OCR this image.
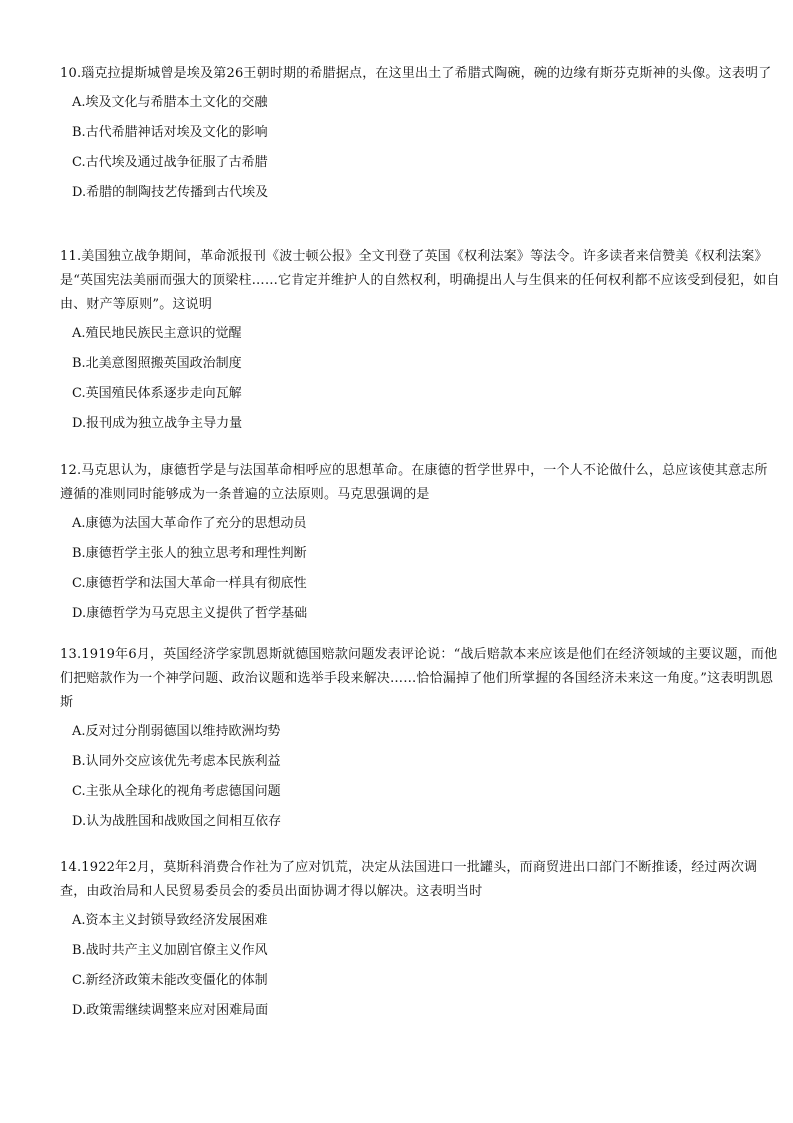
10.瑙克拉提斯城曾是埃及第26王朝时期的希腊据点，在这里出土了希腊式陶碗，碗的边缘有斯芬克斯神的头像。这表明了

A.埃及文化与希腊本土文化的交融
B.古代希腊神话对埃及文化的影响
C.古代埃及通过战争征服了古希腊
D.希腊的制陶技艺传播到古代埃及

11.美国独立战争期间，革命派报刊《波士顿公报》全文刊登了英国《权利法案》等法令。许多读者来信赞美《权利法案》是“英国宪法美丽而强大的顶梁柱……它肯定并维护人的自然权利，明确提出人与生俱来的任何权利都不应该受到侵犯，如自由、财产等原则”。这说明

A.殖民地民族民主意识的觉醒
B.北美意图照搬英国政治制度
C.英国殖民体系逐步走向瓦解
D.报刊成为独立战争主导力量

12.马克思认为，康德哲学是与法国革命相呼应的思想革命。在康德的哲学世界中，一个人不论做什么，总应该使其意志所遵循的准则同时能够成为一条普遍的立法原则。马克思强调的是

A.康德为法国大革命作了充分的思想动员
B.康德哲学主张人的独立思考和理性判断
C.康德哲学和法国大革命一样具有彻底性
D.康德哲学为马克思主义提供了哲学基础

13.1919年6月，英国经济学家凯恩斯就德国赔款问题发表评论说：“战后赔款本来应该是他们在经济领域的主要议题，而他们把赔款作为一个神学问题、政治议题和选举手段来解决……恰恰漏掉了他们所掌握的各国经济未来这一角度。”这表明凯恩斯

A.反对过分削弱德国以维持欧洲均势
B.认同外交应该优先考虑本民族利益
C.主张从全球化的视角考虑德国问题
D.认为战胜国和战败国之间相互依存

14.1922年2月，莫斯科消费合作社为了应对饥荒，决定从法国进口一批罐头，而商贸进出口部门不断推诿，经过两次调查，由政治局和人民贸易委员会的委员出面协调才得以解决。这表明当时

A.资本主义封锁导致经济发展困难
B.战时共产主义加剧官僚主义作风
C.新经济政策未能改变僵化的体制
D.政策需继续调整来应对困难局面
